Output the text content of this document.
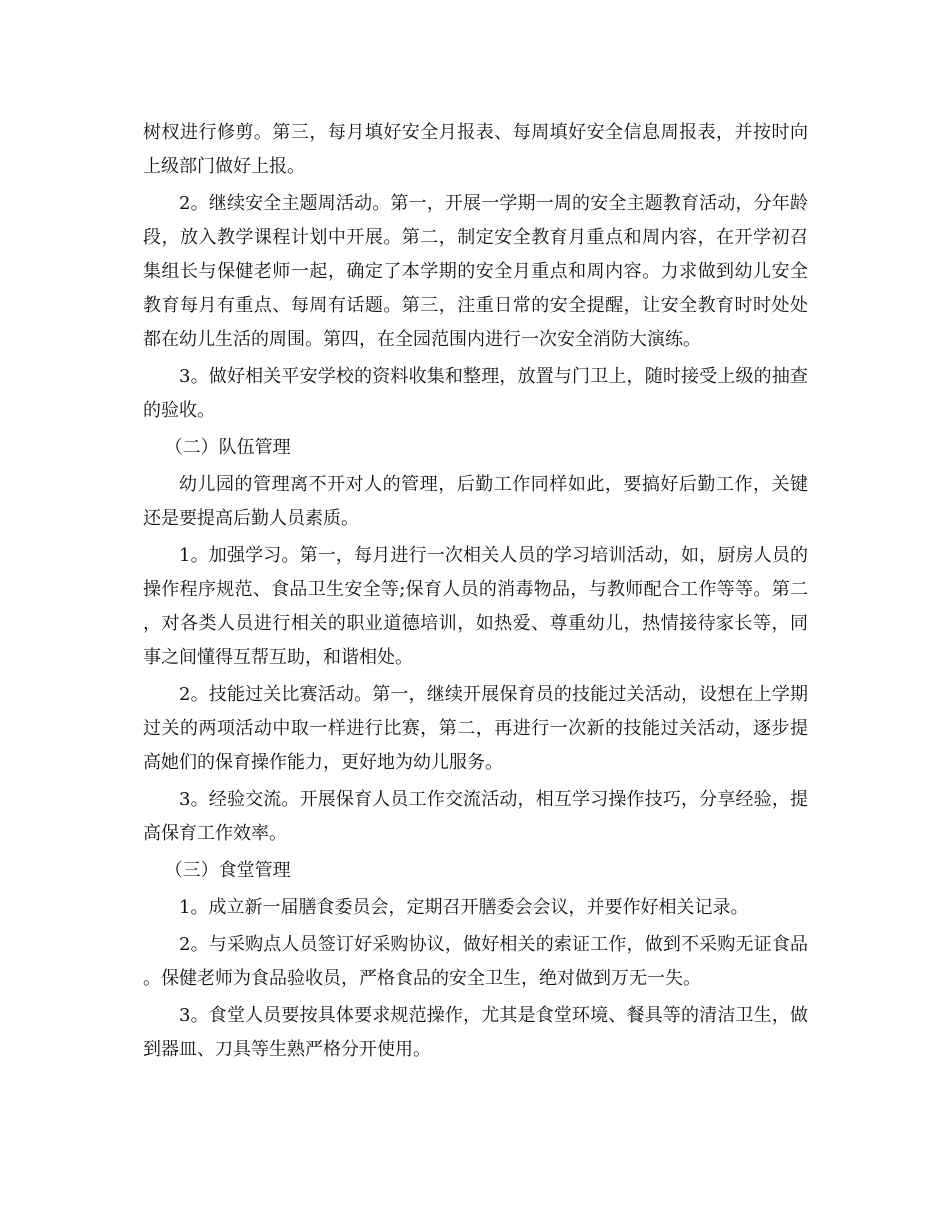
树杈进行修剪。第三，每月填好安全月报表、每周填好安全信息周报表，并按时向上级部门做好上报。

2。继续安全主题周活动。第一，开展一学期一周的安全主题教育活动，分年龄段，放入教学课程计划中开展。第二，制定安全教育月重点和周内容，在开学初召集组长与保健老师一起，确定了本学期的安全月重点和周内容。力求做到幼儿安全教育每月有重点、每周有话题。第三，注重日常的安全提醒，让安全教育时时处处都在幼儿生活的周围。第四，在全园范围内进行一次安全消防大演练。

3。做好相关平安学校的资料收集和整理，放置与门卫上，随时接受上级的抽查的验收。

（二）队伍管理

幼儿园的管理离不开对人的管理，后勤工作同样如此，要搞好后勤工作，关键还是要提高后勤人员素质。

1。加强学习。第一，每月进行一次相关人员的学习培训活动，如，厨房人员的操作程序规范、食品卫生安全等;保育人员的消毒物品，与教师配合工作等等。第二，对各类人员进行相关的职业道德培训，如热爱、尊重幼儿，热情接待家长等，同事之间懂得互帮互助，和谐相处。

2。技能过关比赛活动。第一，继续开展保育员的技能过关活动，设想在上学期过关的两项活动中取一样进行比赛，第二，再进行一次新的技能过关活动，逐步提高她们的保育操作能力，更好地为幼儿服务。

3。经验交流。开展保育人员工作交流活动，相互学习操作技巧，分享经验，提高保育工作效率。

（三）食堂管理

1。成立新一届膳食委员会，定期召开膳委会会议，并要作好相关记录。

2。与采购点人员签订好采购协议，做好相关的索证工作，做到不采购无证食品。保健老师为食品验收员，严格食品的安全卫生，绝对做到万无一失。

3。食堂人员要按具体要求规范操作，尤其是食堂环境、餐具等的清洁卫生，做到器皿、刀具等生熟严格分开使用。
